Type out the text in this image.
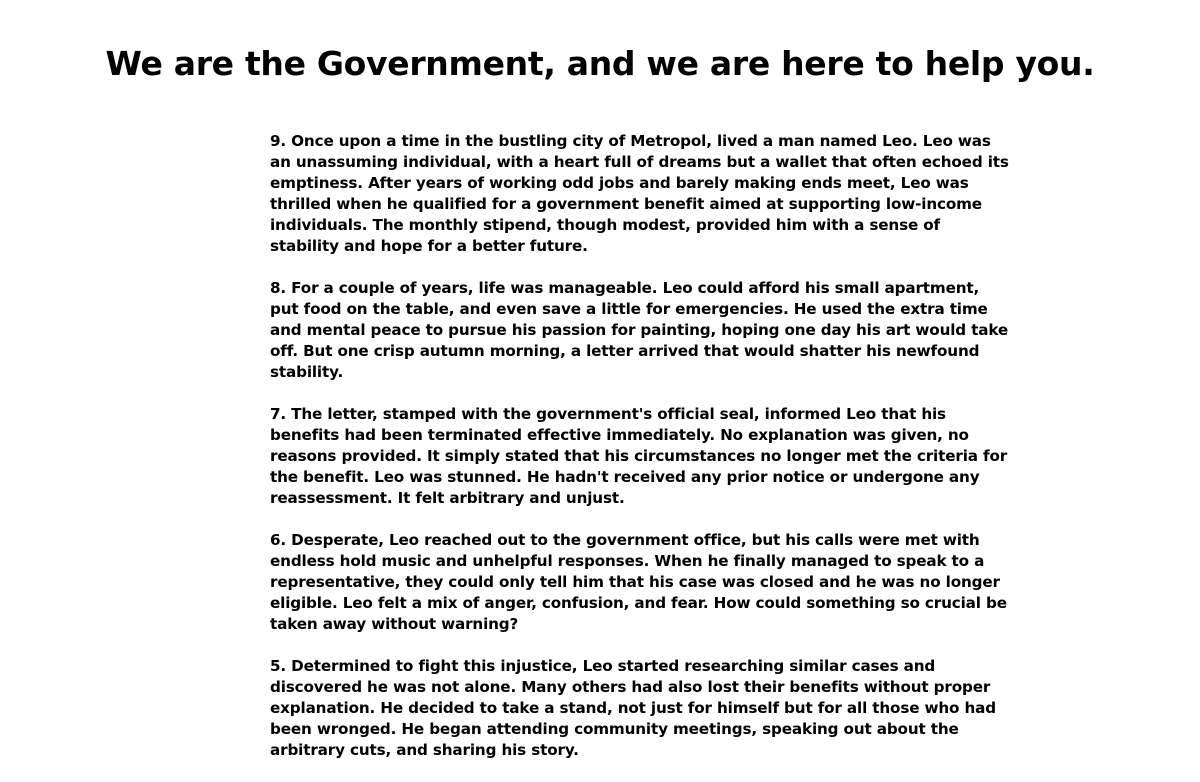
We are the Government, and we are here to help you.

9. Once upon a time in the bustling city of Metropol, lived a man named Leo. Leo was an unassuming individual, with a heart full of dreams but a wallet that often echoed its emptiness. After years of working odd jobs and barely making ends meet, Leo was thrilled when he qualified for a government benefit aimed at supporting low-income individuals. The monthly stipend, though modest, provided him with a sense of stability and hope for a better future.

8. For a couple of years, life was manageable. Leo could afford his small apartment, put food on the table, and even save a little for emergencies. He used the extra time and mental peace to pursue his passion for painting, hoping one day his art would take off. But one crisp autumn morning, a letter arrived that would shatter his newfound stability.

7. The letter, stamped with the government's official seal, informed Leo that his benefits had been terminated effective immediately. No explanation was given, no reasons provided. It simply stated that his circumstances no longer met the criteria for the benefit. Leo was stunned. He hadn't received any prior notice or undergone any reassessment. It felt arbitrary and unjust.

6. Desperate, Leo reached out to the government office, but his calls were met with endless hold music and unhelpful responses. When he finally managed to speak to a representative, they could only tell him that his case was closed and he was no longer eligible. Leo felt a mix of anger, confusion, and fear. How could something so crucial be taken away without warning?

5. Determined to fight this injustice, Leo started researching similar cases and discovered he was not alone. Many others had also lost their benefits without proper explanation. He decided to take a stand, not just for himself but for all those who had been wronged. He began attending community meetings, speaking out about the arbitrary cuts, and sharing his story.
